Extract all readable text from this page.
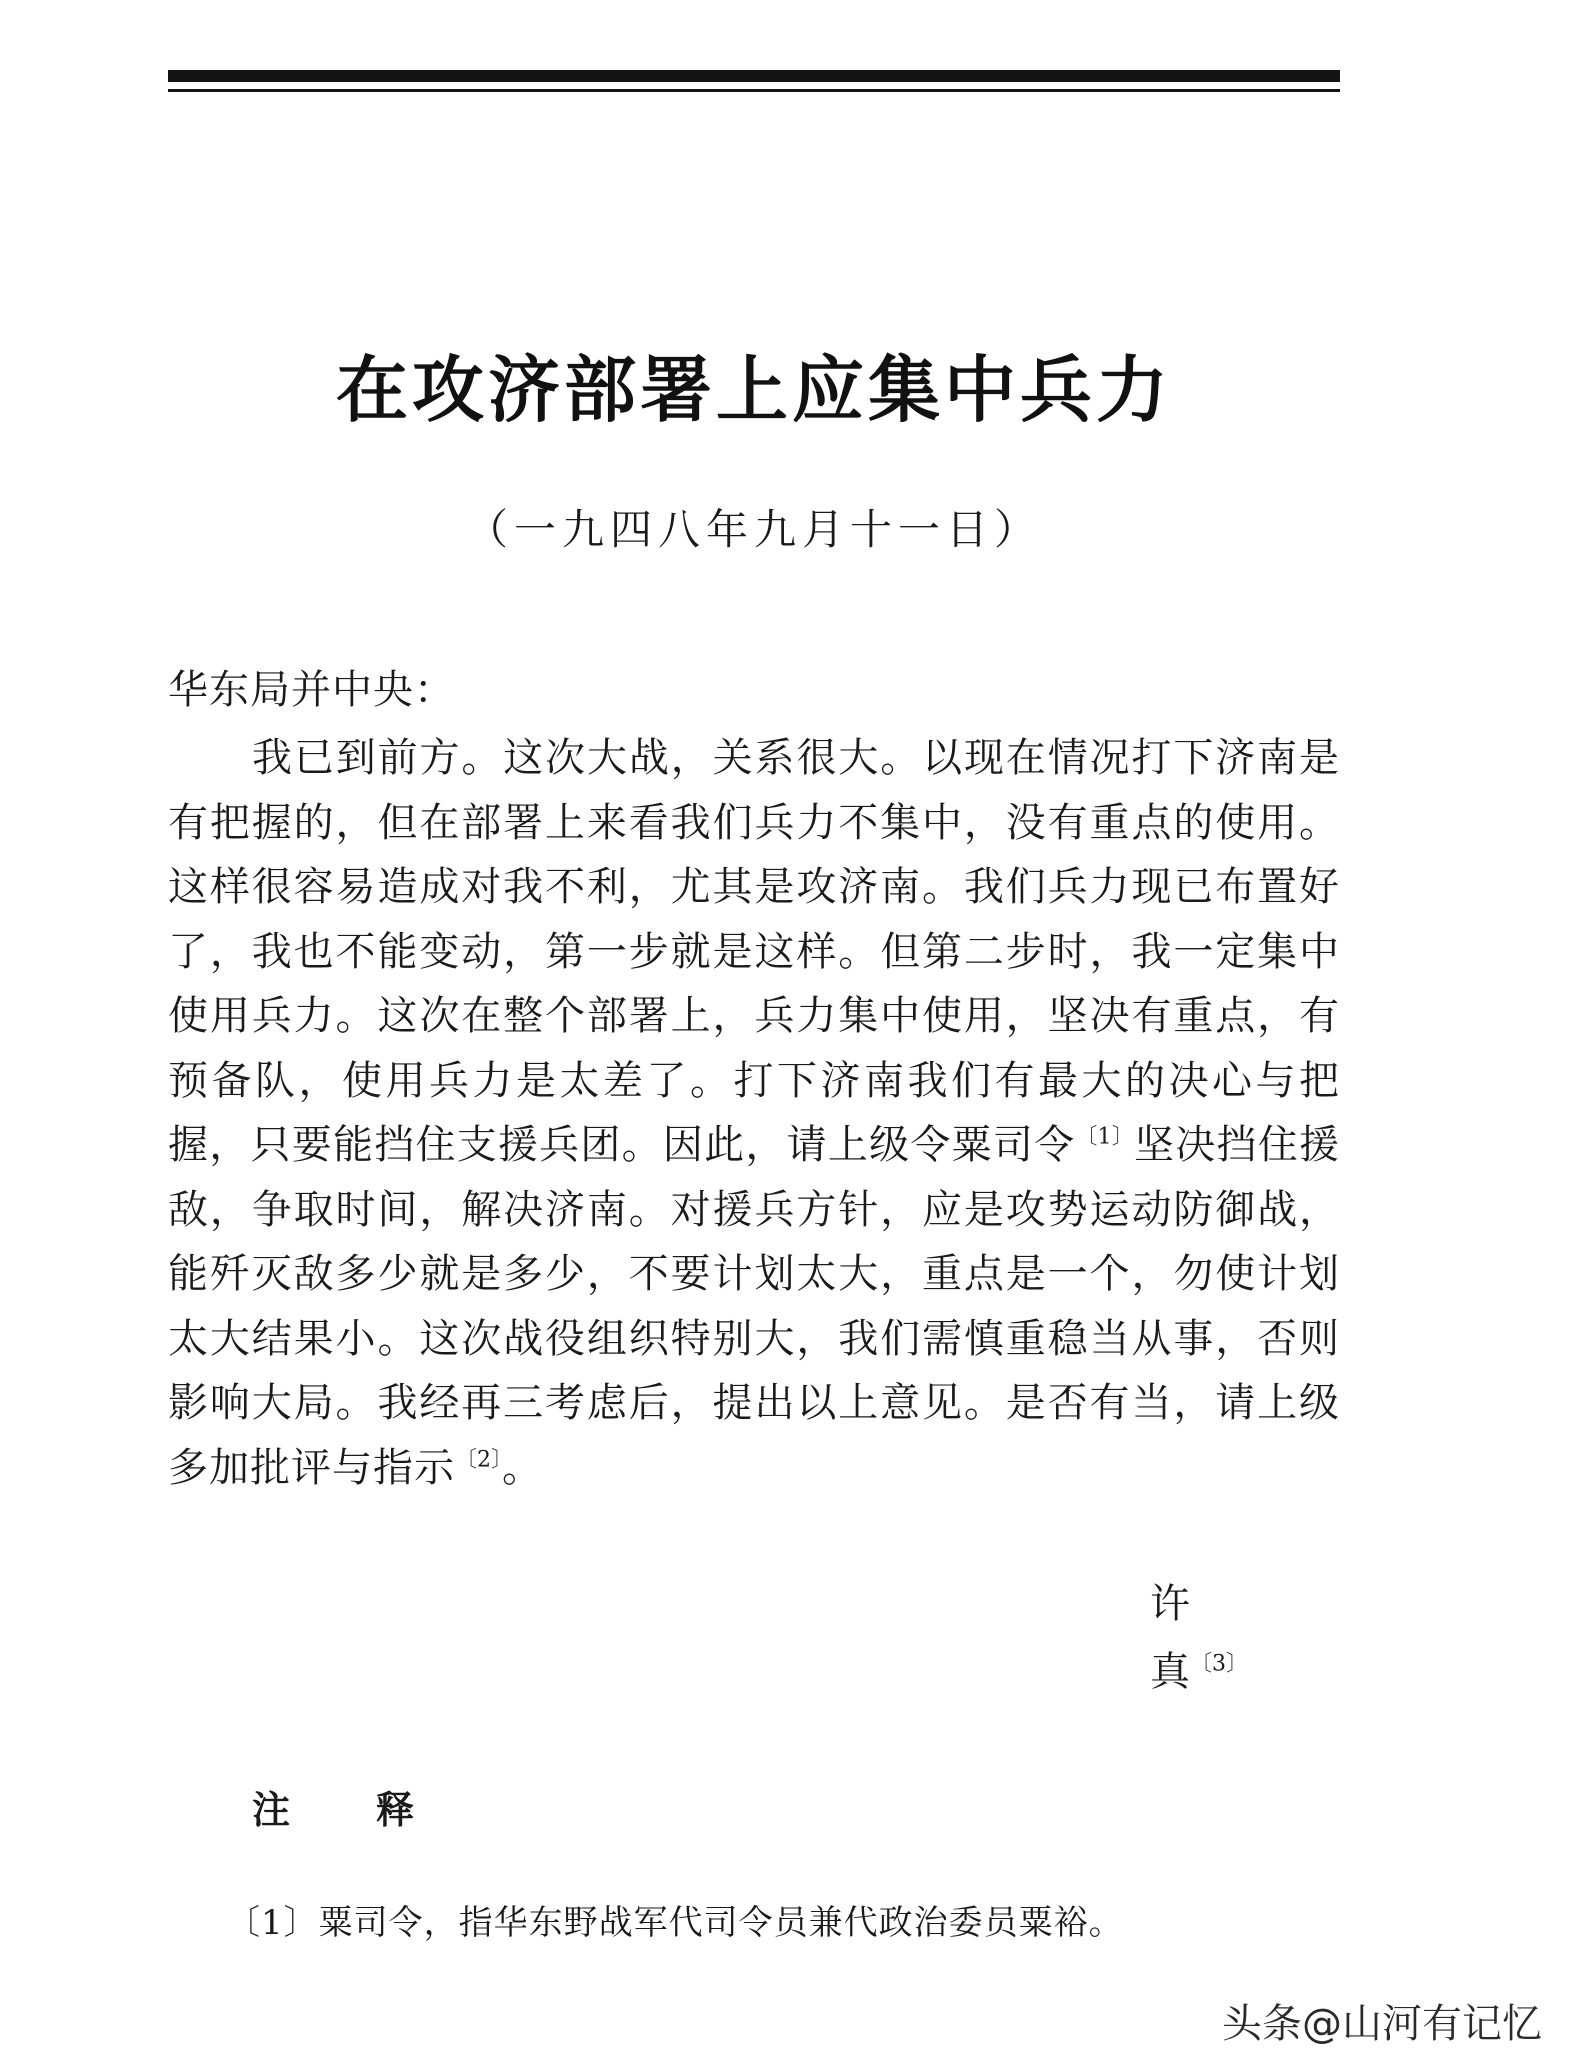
在攻济部署上应集中兵力
（一九四八年九月十一日）
华东局并中央：

我已到前方。这次大战，关系很大。以现在情况打下济南是有把握的，但在部署上来看我们兵力不集中，没有重点的使用。这样很容易造成对我不利，尤其是攻济南。我们兵力现已布置好了，我也不能变动，第一步就是这样。但第二步时，我一定集中使用兵力。这次在整个部署上，兵力集中使用，坚决有重点，有预备队，使用兵力是太差了。打下济南我们有最大的决心与把握，只要能挡住支援兵团。因此，请上级令粟司令$^{〔1〕}$坚决挡住援敌，争取时间，解决济南。对援兵方针，应是攻势运动防御战，能歼灭敌多少就是多少，不要计划太大，重点是一个，勿使计划太大结果小。这次战役组织特别大，我们需慎重稳当从事，否则影响大局。我经再三考虑后，提出以上意见。是否有当，请上级多加批评与指示$^{〔2〕}$。

许
真$^{〔3〕}$
注 释
〔1〕粟司令，指华东野战军代司令员兼代政治委员粟裕。
头条@山河有记忆
